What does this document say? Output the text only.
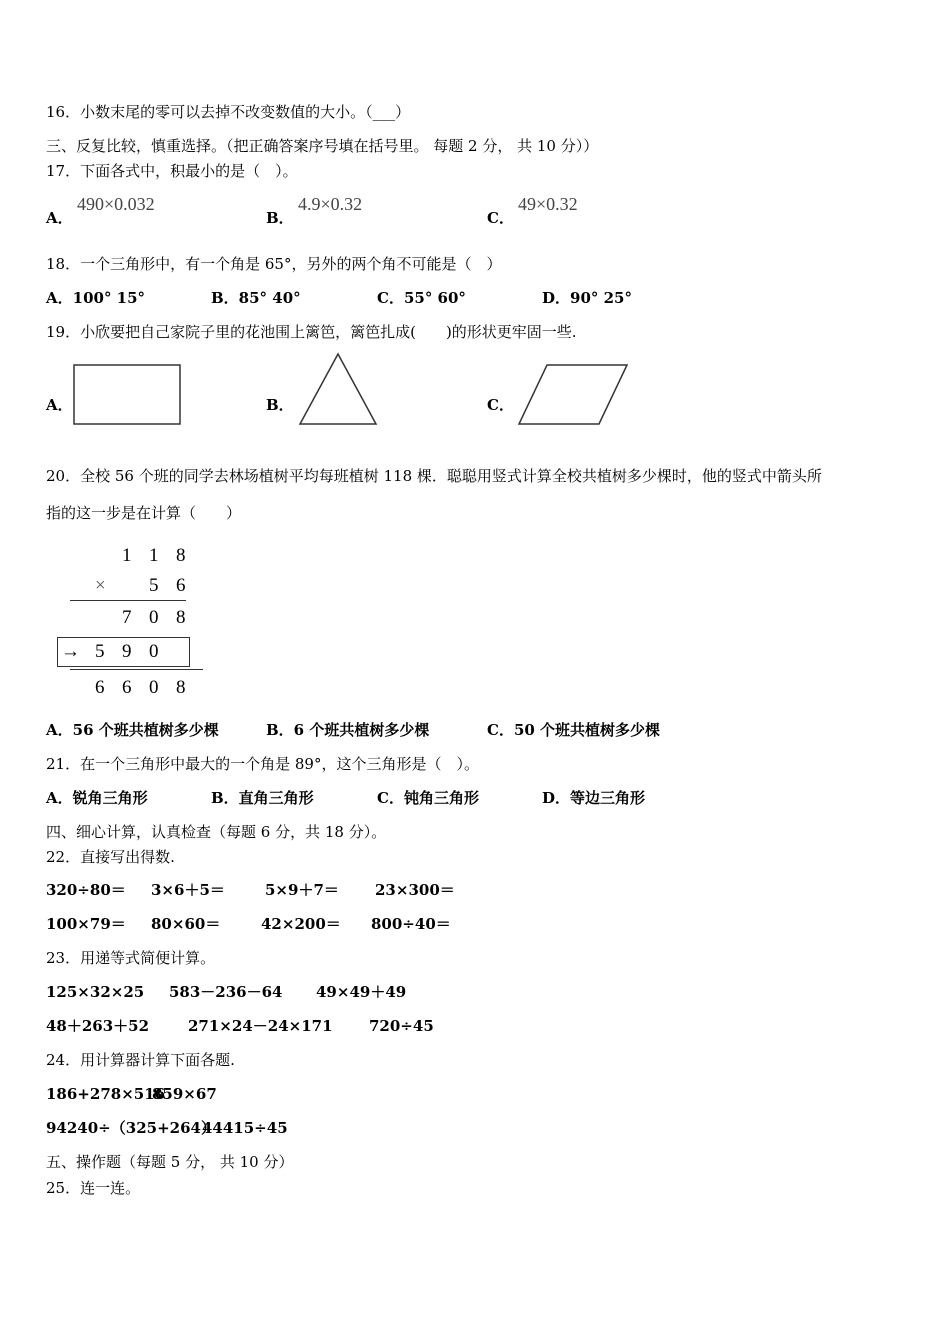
16．小数末尾的零可以去掉不改变数值的大小。（___）
三、反复比较，慎重选择。（把正确答案序号填在括号里。 每题 2 分， 共 10 分））
17．下面各式中，积最小的是（　）。
A．
490×0.032
B．
4.9×0.32
C．
49×0.32
18．一个三角形中，有一个角是 65°，另外的两个角不可能是（　）
A．100° 15°	B．85° 40°	C．55° 60°	D．90° 25°
19．小欣要把自己家院子里的花池围上篱笆，篱笆扎成(　　)的形状更牢固一些.
A．	B．	C．
20．全校 56 个班的同学去林场植树平均每班植树 118 棵．聪聪用竖式计算全校共植树多少棵时，他的竖式中箭头所
指的这一步是在计算（　　）
1 1 8
× 5 6
7 0 8
→ 5 9 0
6 6 0 8
A．56 个班共植树多少棵	B．6 个班共植树多少棵	C．50 个班共植树多少棵
21．在一个三角形中最大的一个角是 89°，这个三角形是（　）。
A．锐角三角形	B．直角三角形	C．钝角三角形	D．等边三角形
四、细心计算，认真检查（每题 6 分，共 18 分）。
22．直接写出得数.
320÷80＝ 3×6＋5＝	5×9＋7＝ 23×300＝
100×79＝ 80×60＝	42×200＝ 800÷40＝
23．用递等式简便计算。
125×32×25 583－236－64 49×49＋49
48＋263＋52	271×24－24×171 720÷45
24．用计算器计算下面各题.
186+278×516
859×67
94240÷（325+264）
44415÷45
五、操作题（每题 5 分， 共 10 分）
25．连一连。
